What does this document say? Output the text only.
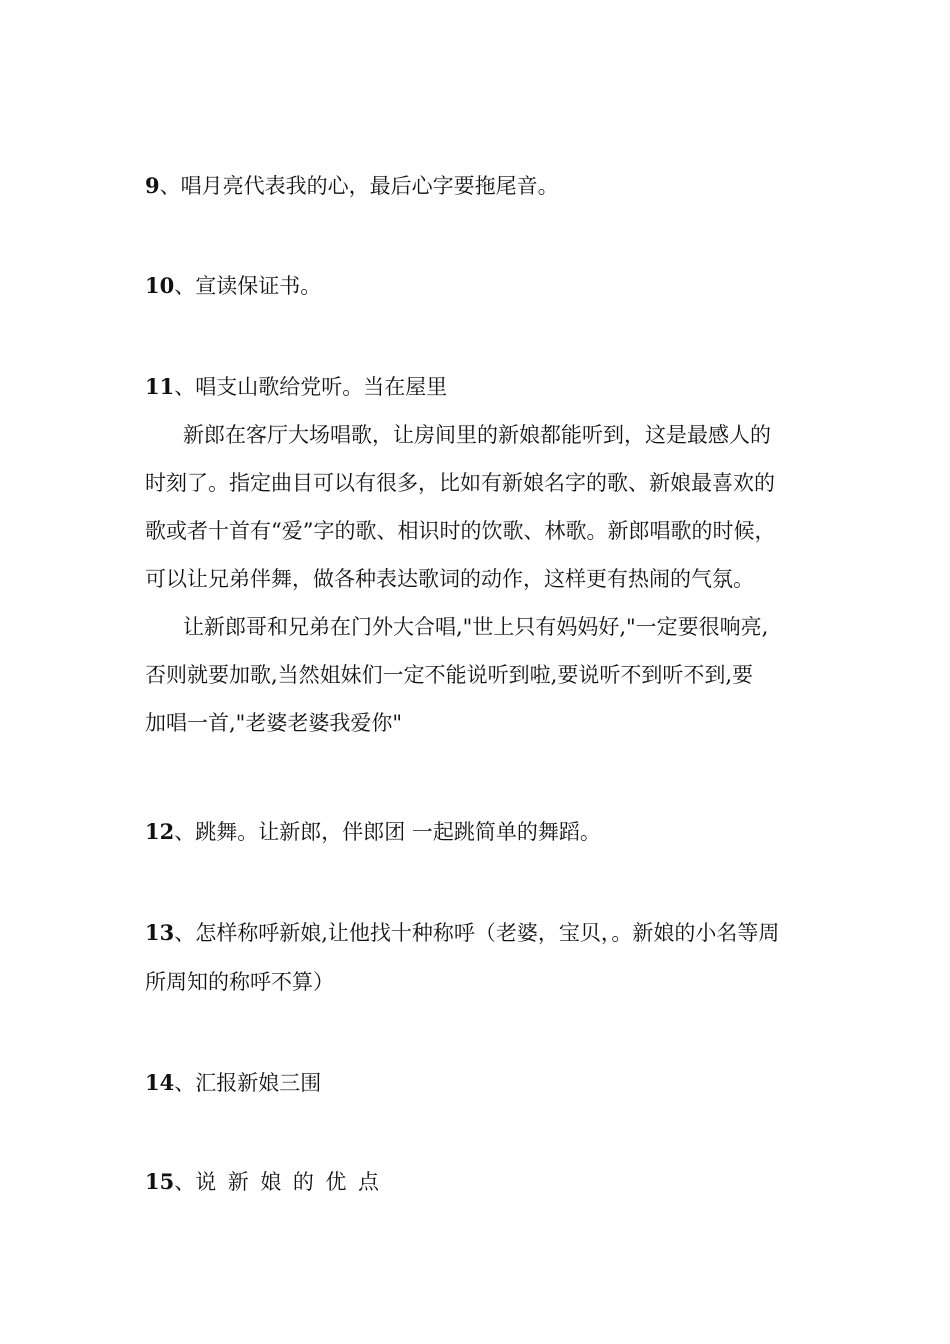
9、唱月亮代表我的心，最后心字要拖尾音。
10、宣读保证书。
11、唱支山歌给党听。当在屋里
新郎在客厅大场唱歌，让房间里的新娘都能听到，这是最感人的
时刻了。指定曲目可以有很多，比如有新娘名字的歌、新娘最喜欢的
歌或者十首有“爱”字的歌、相识时的饮歌、林歌。新郎唱歌的时候，
可以让兄弟伴舞，做各种表达歌词的动作，这样更有热闹的气氛。
让新郎哥和兄弟在门外大合唱,"世上只有妈妈好,"一定要很响亮,
否则就要加歌,当然姐妹们一定不能说听到啦,要说听不到听不到,要
加唱一首,"老婆老婆我爱你"
12、跳舞。让新郎，伴郎团 一起跳简单的舞蹈。
13、怎样称呼新娘,让他找十种称呼（老婆，宝贝，。新娘的小名等周
所周知的称呼不算）
14、汇报新娘三围
15、说新娘的优点
